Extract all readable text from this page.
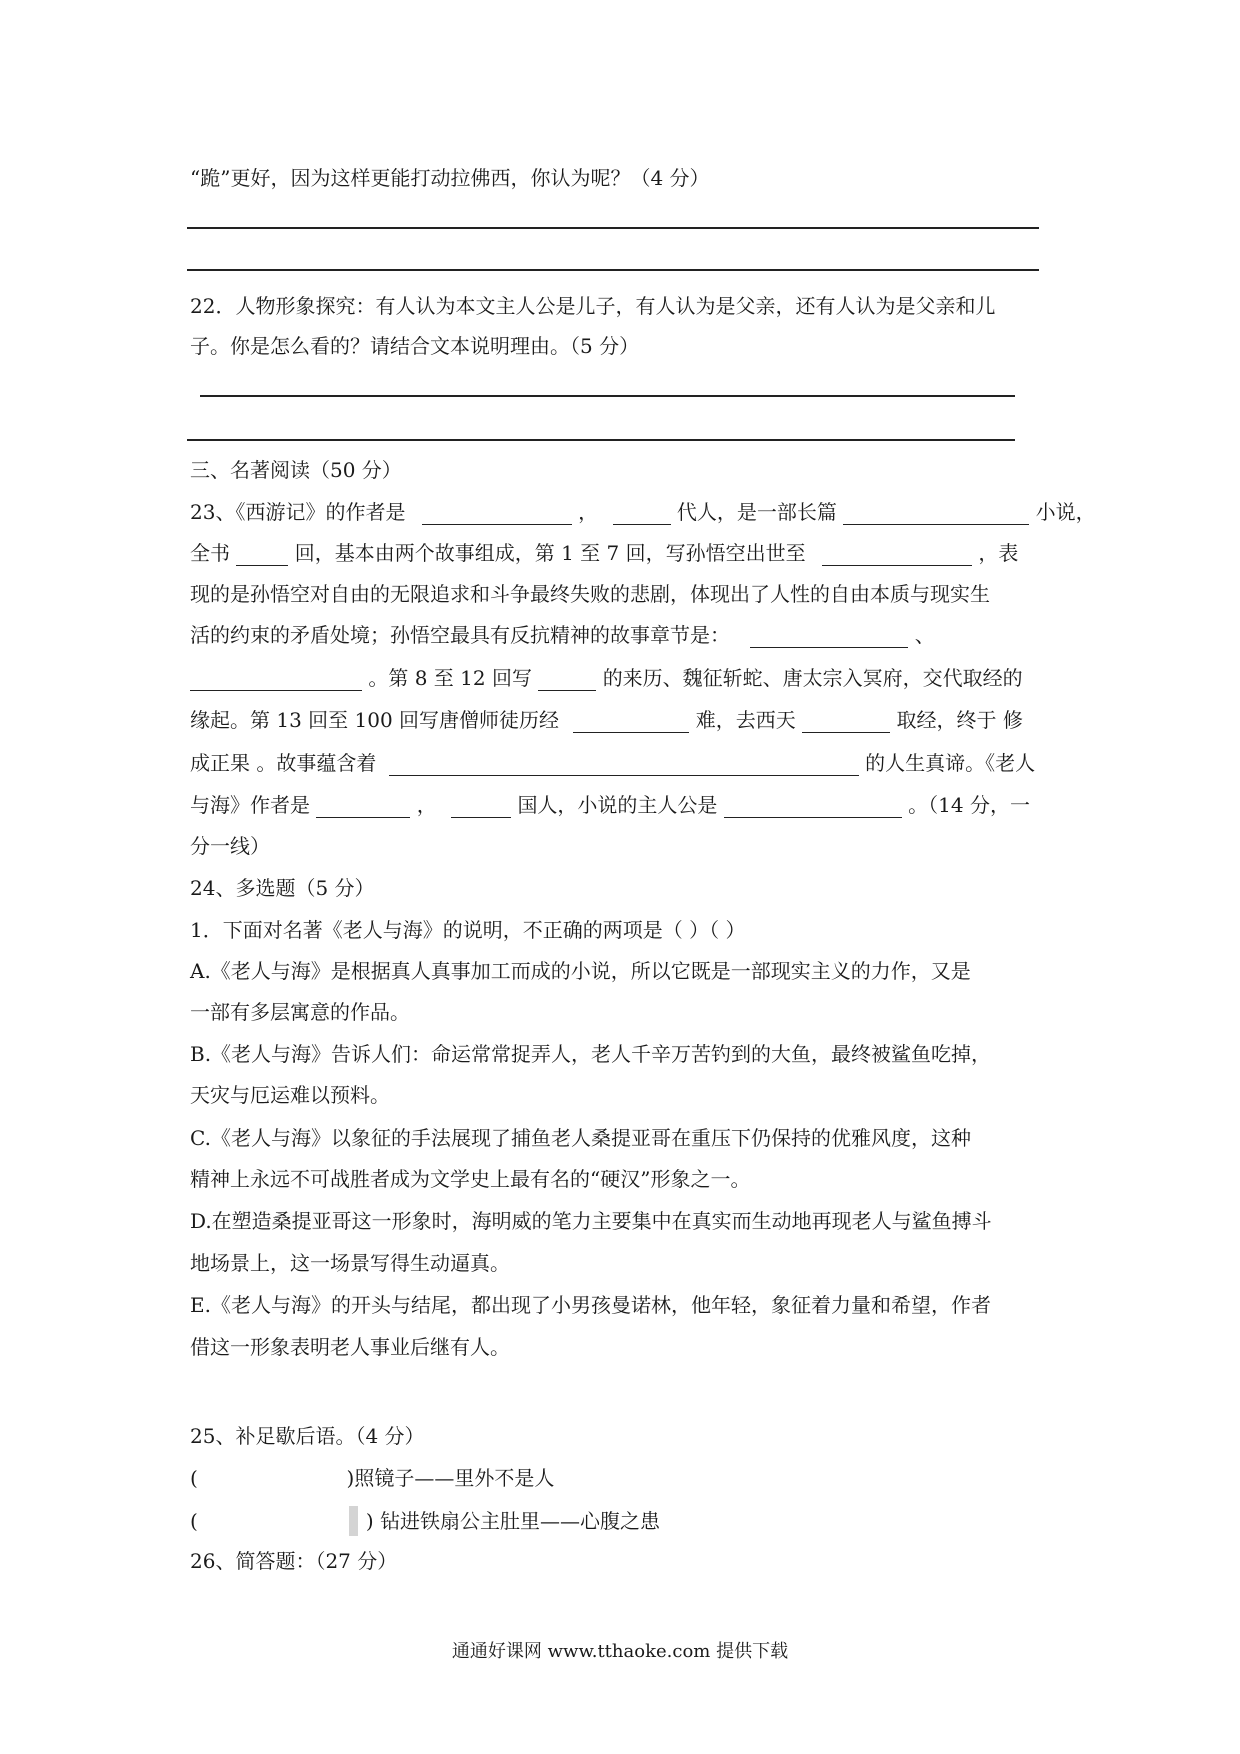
“跪”更好，因为这样更能打动拉佛西，你认为呢？（4 分）
22．人物形象探究：有人认为本文主人公是儿子，有人认为是父亲，还有人认为是父亲和儿
子。你是怎么看的？请结合文本说明理由。（5 分）
三、名著阅读（50 分）
23、《西游记》的作者是	，	代人，是一部长篇	小说，
全书	回，基本由两个故事组成，第 1 至 7 回，写孙悟空出世至	，表
现的是孙悟空对自由的无限追求和斗争最终失败的悲剧，体现出了人性的自由本质与现实生
活的约束的矛盾处境；孙悟空最具有反抗精神的故事章节是：	、
。第 8 至 12 回写	的来历、魏征斩蛇、唐太宗入冥府，交代取经的
缘起。第 13 回至 100 回写唐僧师徒历经	难，去西天	取经，终于 修
成正果 。故事蕴含着	的人生真谛。《老人
与海》作者是	，	国人，小说的主人公是	。（14 分，一
分一线）
24、多选题（5 分）
1．下面对名著《老人与海》的说明，不正确的两项是（ ）（ ）
A.《老人与海》是根据真人真事加工而成的小说，所以它既是一部现实主义的力作，又是
一部有多层寓意的作品。
B.《老人与海》告诉人们：命运常常捉弄人，老人千辛万苦钓到的大鱼，最终被鲨鱼吃掉，
天灾与厄运难以预料。
C.《老人与海》以象征的手法展现了捕鱼老人桑提亚哥在重压下仍保持的优雅风度，这种
精神上永远不可战胜者成为文学史上最有名的“硬汉”形象之一。
D.在塑造桑提亚哥这一形象时，海明威的笔力主要集中在真实而生动地再现老人与鲨鱼搏斗
地场景上，这一场景写得生动逼真。
E.《老人与海》的开头与结尾，都出现了小男孩曼诺林，他年轻，象征着力量和希望，作者
借这一形象表明老人事业后继有人。
25、补足歇后语。（4 分）
(	)照镜子——里外不是人
(	) 钻进铁扇公主肚里——心腹之患
26、简答题：（27 分）
通通好课网 www.tthaoke.com 提供下载
